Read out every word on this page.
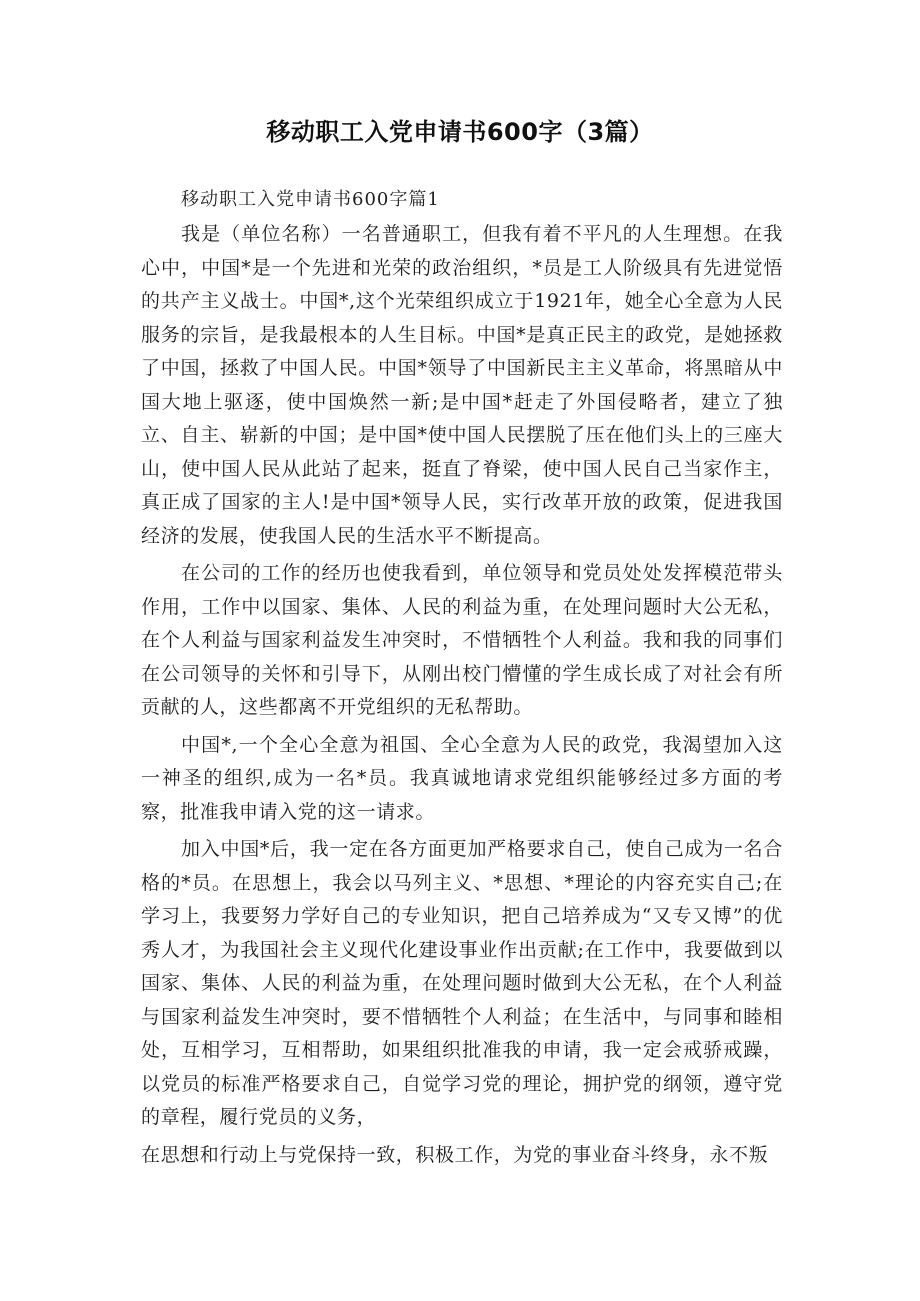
移动职工入党申请书600字（3篇）
移动职工入党申请书600字篇1

我是（单位名称）一名普通职工，但我有着不平凡的人生理想。在我心中，中国*是一个先进和光荣的政治组织，*员是工人阶级具有先进觉悟的共产主义战士。中国*,这个光荣组织成立于1921年，她全心全意为人民服务的宗旨，是我最根本的人生目标。中国*是真正民主的政党，是她拯救了中国，拯救了中国人民。中国*领导了中国新民主主义革命，将黑暗从中国大地上驱逐，使中国焕然一新;是中国*赶走了外国侵略者，建立了独立、自主、崭新的中国；是中国*使中国人民摆脱了压在他们头上的三座大山，使中国人民从此站了起来，挺直了脊梁，使中国人民自己当家作主，真正成了国家的主人!是中国*领导人民，实行改革开放的政策，促进我国经济的发展，使我国人民的生活水平不断提高。

在公司的工作的经历也使我看到，单位领导和党员处处发挥模范带头作用，工作中以国家、集体、人民的利益为重，在处理问题时大公无私，在个人利益与国家利益发生冲突时，不惜牺牲个人利益。我和我的同事们在公司领导的关怀和引导下，从刚出校门懵懂的学生成长成了对社会有所贡献的人，这些都离不开党组织的无私帮助。

中国*,一个全心全意为祖国、全心全意为人民的政党，我渴望加入这一神圣的组织,成为一名*员。我真诚地请求党组织能够经过多方面的考察，批准我申请入党的这一请求。

加入中国*后，我一定在各方面更加严格要求自己，使自己成为一名合格的*员。在思想上，我会以马列主义、*思想、*理论的内容充实自己;在学习上，我要努力学好自己的专业知识，把自己培养成为“又专又博”的优秀人才，为我国社会主义现代化建设事业作出贡献;在工作中，我要做到以国家、集体、人民的利益为重，在处理问题时做到大公无私，在个人利益与国家利益发生冲突时，要不惜牺牲个人利益；在生活中，与同事和睦相处，互相学习，互相帮助，如果组织批准我的申请，我一定会戒骄戒躁，以党员的标准严格要求自己，自觉学习党的理论，拥护党的纲领，遵守党的章程，履行党员的义务，

在思想和行动上与党保持一致，积极工作，为党的事业奋斗终身，永不叛
